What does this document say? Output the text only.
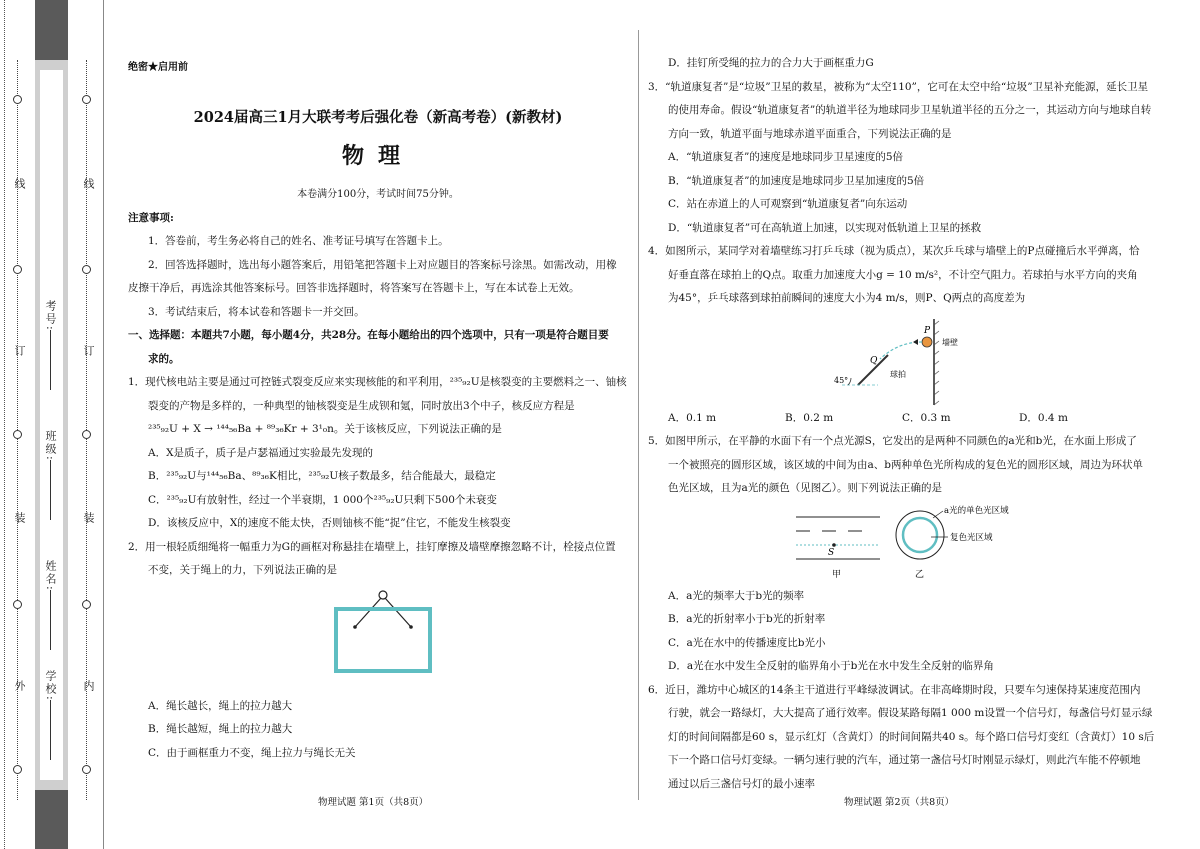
线
订
装
外
考号:
班级:
姓名:
学校:
线
订
装
内

绝密★启用前

2024届高三1月大联考考后强化卷（新高考卷）(新教材)

物理

本卷满分100分，考试时间75分钟。

注意事项:

1．答卷前，考生务必将自己的姓名、准考证号填写在答题卡上。

2．回答选择题时，选出每小题答案后，用铅笔把答题卡上对应题目的答案标号涂黑。如需改动，用橡

皮擦干净后，再选涂其他答案标号。回答非选择题时，将答案写在答题卡上，写在本试卷上无效。

3．考试结束后，将本试卷和答题卡一并交回。

一、选择题：本题共7小题，每小题4分，共28分。在每小题给出的四个选项中，只有一项是符合题目要

求的。

1．现代核电站主要是通过可控链式裂变反应来实现核能的和平利用，²³⁵₉₂U是核裂变的主要燃料之一、铀核

裂变的产物是多样的，一种典型的铀核裂变是生成钡和氪，同时放出3个中子，核反应方程是

²³⁵₉₂U + X → ¹⁴⁴₅₆Ba + ⁸⁹₃₆Kr + 3¹₀n。关于该核反应，下列说法正确的是

A．X是质子，质子是卢瑟福通过实验最先发现的

B．²³⁵₉₂U与¹⁴⁴₅₆Ba、⁸⁹₃₆K相比，²³⁵₉₂U核子数最多，结合能最大，最稳定

C．²³⁵₉₂U有放射性，经过一个半衰期，1 000个²³⁵₉₂U只剩下500个未衰变

D．该核反应中，X的速度不能太快，否则铀核不能“捉”住它，不能发生核裂变

2．用一根轻质细绳将一幅重力为G的画框对称悬挂在墙壁上，挂钉摩擦及墙壁摩擦忽略不计，栓接点位置

不变，关于绳上的力，下列说法正确的是

A．绳长越长，绳上的拉力越大

B．绳长越短，绳上的拉力越大

C．由于画框重力不变，绳上拉力与绳长无关

物理试题 第1页（共8页）

D．挂钉所受绳的拉力的合力大于画框重力G

3．“轨道康复者”是“垃圾”卫星的救星，被称为“太空110”，它可在太空中给“垃圾”卫星补充能源，延长卫星

的使用寿命。假设“轨道康复者”的轨道半径为地球同步卫星轨道半径的五分之一，其运动方向与地球自转

方向一致，轨道平面与地球赤道平面重合，下列说法正确的是

A．“轨道康复者”的速度是地球同步卫星速度的5倍

B．“轨道康复者”的加速度是地球同步卫星加速度的5倍

C．站在赤道上的人可观察到“轨道康复者”向东运动

D．“轨道康复者”可在高轨道上加速，以实现对低轨道上卫星的拯救

4．如图所示，某同学对着墙壁练习打乒乓球（视为质点），某次乒乓球与墙壁上的P点碰撞后水平弹离，恰

好垂直落在球拍上的Q点。取重力加速度大小g = 10 m/s²，不计空气阻力。若球拍与水平方向的夹角

为45°，乒乓球落到球拍前瞬间的速度大小为4 m/s，则P、Q两点的高度差为

45°
Q
P
墙壁
球拍
A．0.1 m	B．0.2 m	C．0.3 m	D．0.4 m

5．如图甲所示，在平静的水面下有一个点光源S，它发出的是两种不同颜色的a光和b光，在水面上形成了

一个被照亮的圆形区域，该区域的中间为由a、b两种单色光所构成的复色光的圆形区域，周边为环状单

色光区域，且为a光的颜色（见图乙）。则下列说法正确的是

S
甲
a光的单色光区域
复色光区域
乙

A．a光的频率大于b光的频率

B．a光的折射率小于b光的折射率

C．a光在水中的传播速度比b光小

D．a光在水中发生全反射的临界角小于b光在水中发生全反射的临界角

6．近日，潍坊中心城区的14条主干道进行平峰绿波调试。在非高峰期时段，只要车匀速保持某速度范围内

行驶，就会一路绿灯，大大提高了通行效率。假设某路每隔1 000 m设置一个信号灯，每盏信号灯显示绿

灯的时间间隔都是60 s，显示红灯（含黄灯）的时间间隔共40 s。每个路口信号灯变红（含黄灯）10 s后

下一个路口信号灯变绿。一辆匀速行驶的汽车，通过第一盏信号灯时刚显示绿灯，则此汽车能不停顿地

通过以后三盏信号灯的最小速率

物理试题 第2页（共8页）
